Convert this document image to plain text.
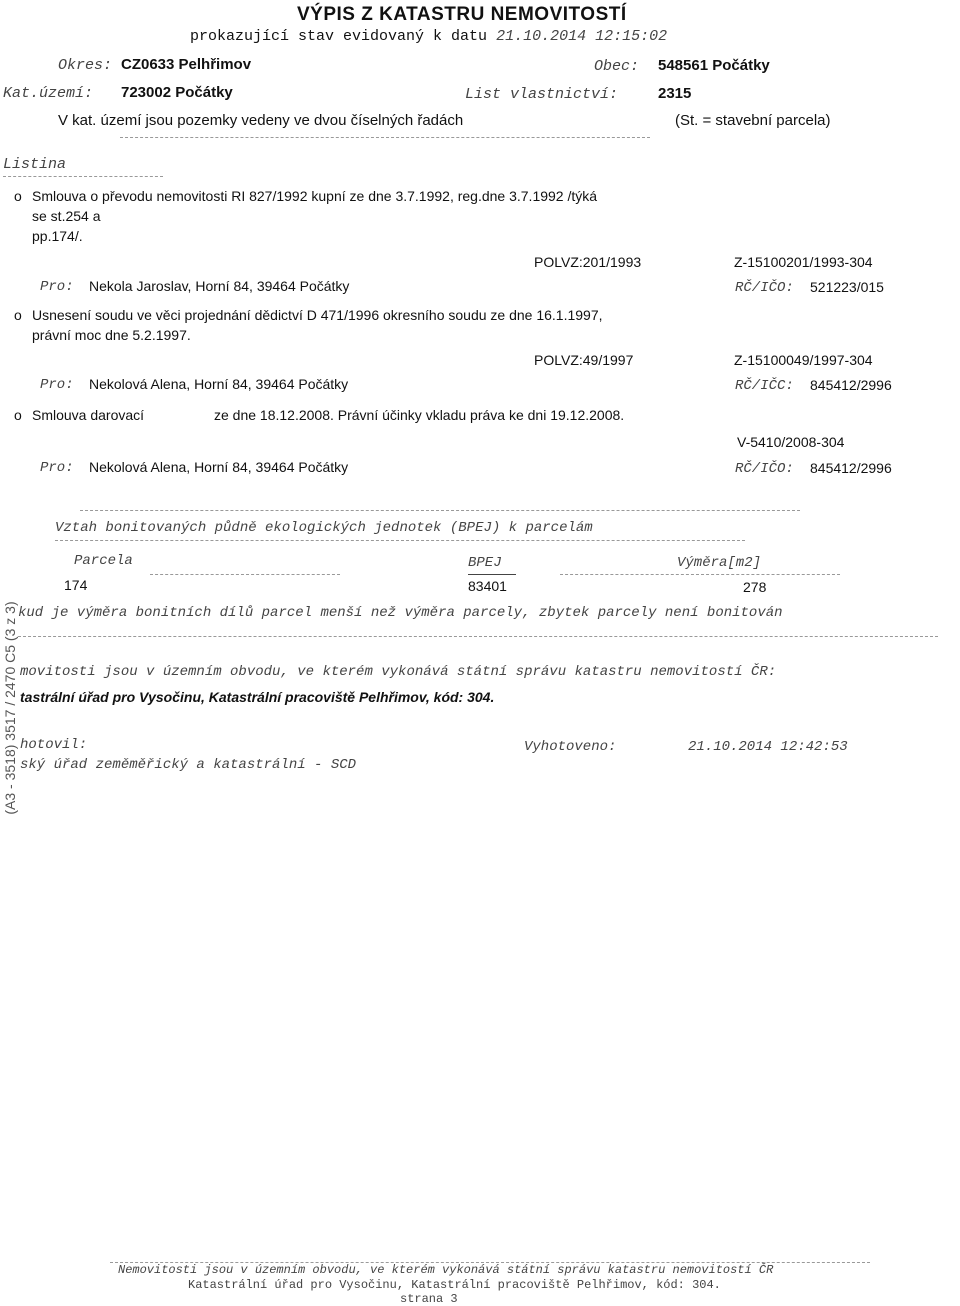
VÝPIS Z KATASTRU NEMOVITOSTÍ
prokazující stav evidovaný k datu 21.10.2014 12:15:02
Okres: CZ0633 Pelhřimov	Obec: 548561 Počátky
Kat.území: 723002 Počátky	List vlastnictví:	2315
V kat. území jsou pozemky vedeny ve dvou číselných řadách	(St. = stavební parcela)
Listina
o Smlouva o převodu nemovitosti RI 827/1992 kupní ze dne 3.7.1992, reg.dne 3.7.1992 /týká
se st.254 a
pp.174/.
POLVZ:201/1993	Z-15100201/1993-304
Pro: Nekola Jaroslav, Horní 84, 39464 Počátky	RČ/IČO: 521223/015
o Usnesení soudu ve věci projednání dědictví D 471/1996 okresního soudu ze dne 16.1.1997,
právní moc dne 5.2.1997.
POLVZ:49/1997	Z-15100049/1997-304
Pro: Nekolová Alena, Horní 84, 39464 Počátky	RČ/IČC: 845412/2996
o Smlouva darovací	ze dne 18.12.2008. Právní účinky vkladu práva ke dni 19.12.2008.
V-5410/2008-304
Pro: Nekolová Alena, Horní 84, 39464 Počátky	RČ/IČO: 845412/2996
Vztah bonitovaných půdně ekologických jednotek (BPEJ) k parcelám
Parcela	BPEJ	Výměra[m2]
174	83401	278
kud je výměra bonitních dílů parcel menší než výměra parcely, zbytek parcely není bonitován
movitosti jsou v územním obvodu, ve kterém vykonává státní správu katastru nemovitostí ČR:
tastrální úřad pro Vysočinu, Katastrální pracoviště Pelhřimov, kód: 304.
hotovil:
ský úřad zeměměřický a katastrální - SCD
Vyhotoveno:	21.10.2014 12:42:53
(A3 - 3518) 3517 / 2470 C5 (3 z 3)
Nemovitosti jsou v územním obvodu, ve kterém vykonává státní správu katastru nemovitostí ČR
Katastrální úřad pro Vysočinu, Katastrální pracoviště Pelhřimov, kód: 304.
strana 3
